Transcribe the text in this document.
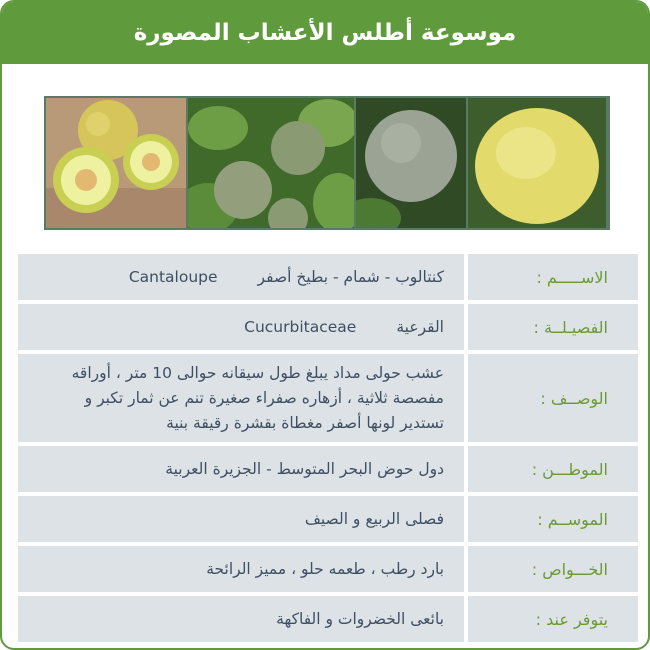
موسوعة أطلس الأعشاب المصورة
الاســـــم :
كنتالوب - شمام - بطيخ أصفر
Cantaloupe
الفصيـلــة :
القرعية
Cucurbitaceae
الوصــف :
عشب حولى مداد يبلغ طول سيقانه حوالى 10 متر ، أوراقه مفصصة ثلاثية ، أزهاره صفراء صغيرة تنم عن ثمار تكبر و تستدير لونها أصفر مغطاة بقشرة رقيقة بنية
الموطـــن :
دول حوض البحر المتوسط - الجزيرة العربية
الموســم :
فصلى الربيع و الصيف
الخـــواص :
بارد رطب ، طعمه حلو ، مميز الرائحة
يتوفر عند :
بائعى الخضروات و الفاكهة
